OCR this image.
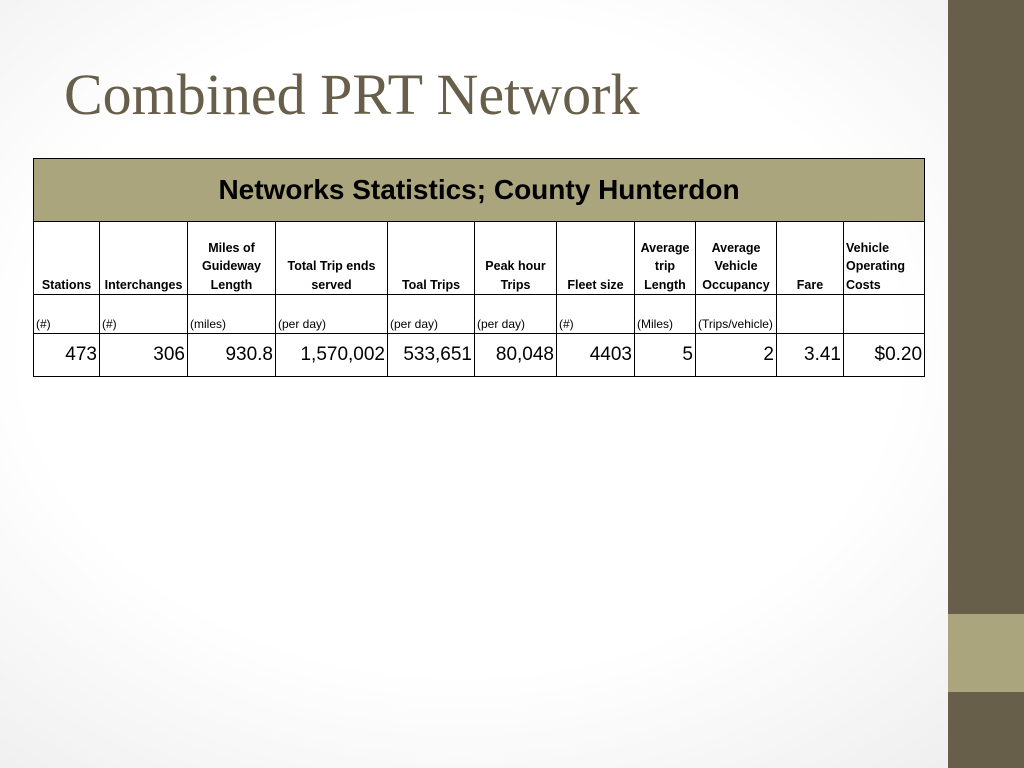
Combined PRT Network
Networks Statistics; County Hunterdon										
Stations	Interchanges	Miles of Guideway Length	Total Trip ends served	Toal Trips	Peak hour Trips	Fleet size	Average trip Length	Average Vehicle Occupancy	Fare	Vehicle Operating Costs
(#)	(#)	(miles)	(per day)	(per day)	(per day)	(#)	(Miles)	(Trips/vehicle)		
473	306	930.8	1,570,002	533,651	80,048	4403	5	2	3.41	$0.20
